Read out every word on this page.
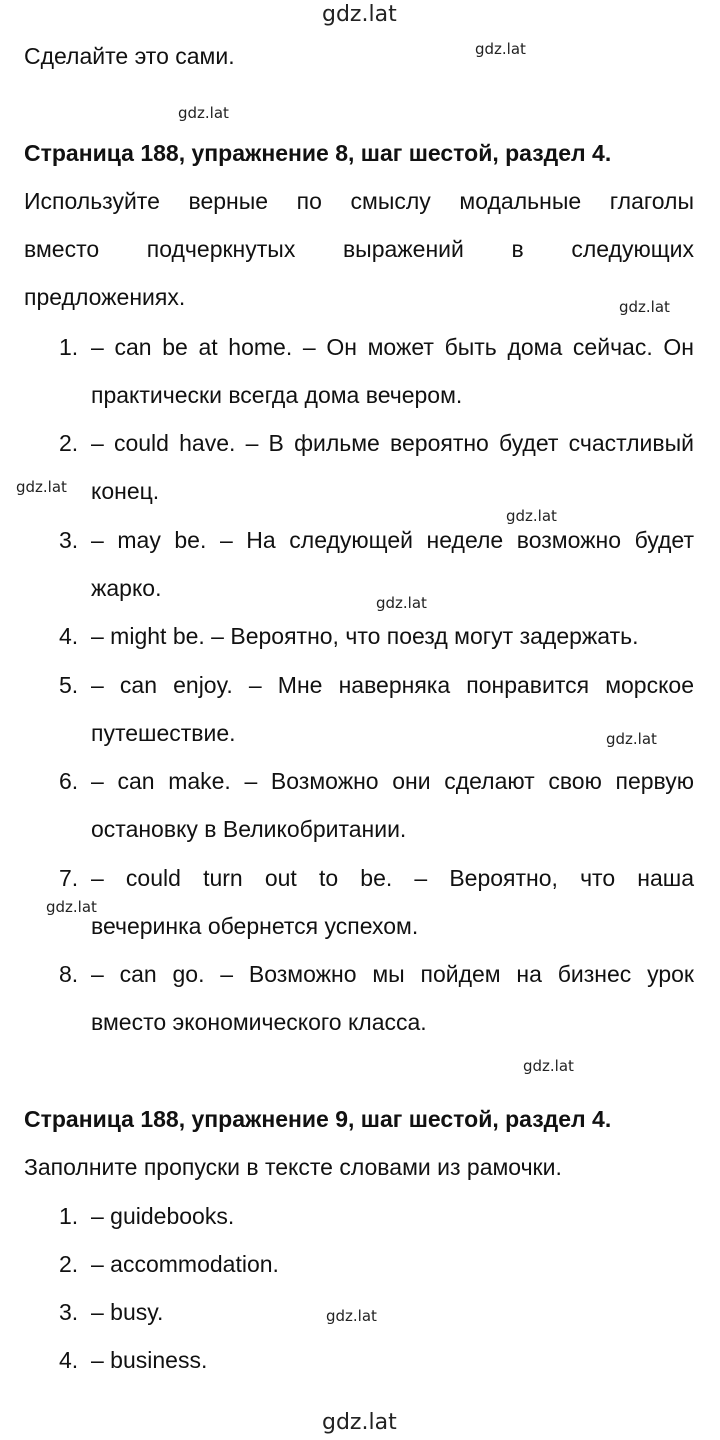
gdz.lat
gdz.lat
gdz.lat
gdz.lat
gdz.lat
gdz.lat
gdz.lat
gdz.lat
gdz.lat
gdz.lat
gdz.lat
gdz.lat
Сделайте это сами.
Страница 188, упражнение 8, шаг шестой, раздел 4.
Используйте верные по смыслу модальные глаголы
вместо подчеркнутых выражений в следующих
предложениях.
1. – can be at home. – Он может быть дома сейчас. Он
практически всегда дома вечером.
2. – could have. – В фильме вероятно будет счастливый
конец.
3. – may be. – На следующей неделе возможно будет
жарко.
4. – might be. – Вероятно, что поезд могут задержать.
5. – can enjoy. – Мне наверняка понравится морское
путешествие.
6. – can make. – Возможно они сделают свою первую
остановку в Великобритании.
7. – could turn out to be. – Вероятно, что наша
вечеринка обернется успехом.
8. – can go. – Возможно мы пойдем на бизнес урок
вместо экономического класса.
Страница 188, упражнение 9, шаг шестой, раздел 4.
Заполните пропуски в тексте словами из рамочки.
1. – guidebooks.
2. – accommodation.
3. – busy.
4. – business.
